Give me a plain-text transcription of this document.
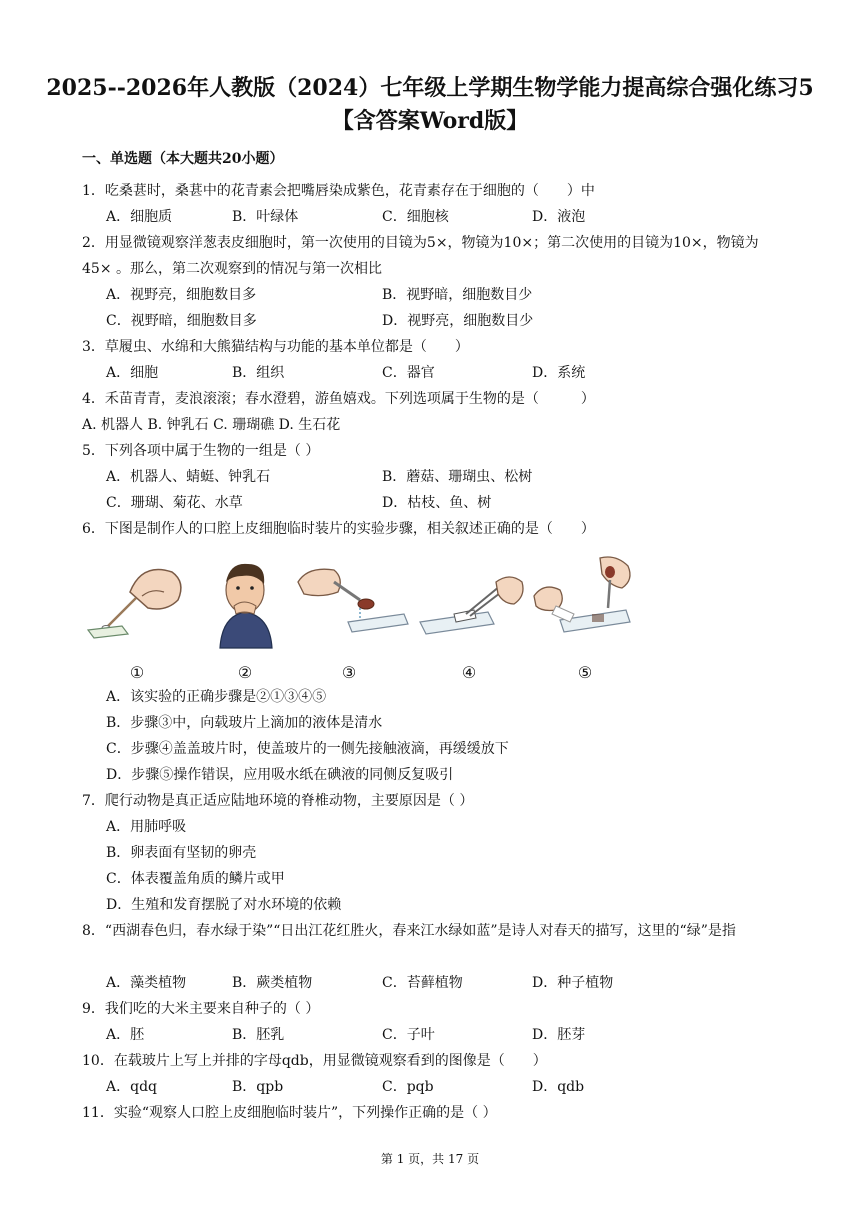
2025--2026年人教版（2024）七年级上学期生物学能力提高综合强化练习5【含答案Word版】
一、单选题（本大题共20小题）
1．吃桑葚时，桑葚中的花青素会把嘴唇染成紫色，花青素存在于细胞的（　　）中
A．细胞质	B．叶绿体	C．细胞核	D．液泡
2．用显微镜观察洋葱表皮细胞时，第一次使用的目镜为5×，物镜为10×；第二次使用的目镜为10×，物镜为45× 。那么，第二次观察到的情况与第一次相比
A．视野亮，细胞数目多	B．视野暗，细胞数目少
C．视野暗，细胞数目多	D．视野亮，细胞数目少
3．草履虫、水绵和大熊猫结构与功能的基本单位都是（　　）
A．细胞	B．组织	C．器官	D．系统
4．禾苗青青，麦浪滚滚；春水澄碧，游鱼嬉戏。下列选项属于生物的是（　　　）
A. 机器人 B. 钟乳石 C. 珊瑚礁 D. 生石花
5．下列各项中属于生物的一组是（ ）
A．机器人、蜻蜓、钟乳石	B．蘑菇、珊瑚虫、松树
C．珊瑚、菊花、水草	D．枯枝、鱼、树
6．下图是制作人的口腔上皮细胞临时装片的实验步骤，相关叙述正确的是（　　）
①	②	③	④	⑤
A．该实验的正确步骤是②①③④⑤
B．步骤③中，向载玻片上滴加的液体是清水
C．步骤④盖盖玻片时，使盖玻片的一侧先接触液滴，再缓缓放下
D．步骤⑤操作错误，应用吸水纸在碘液的同侧反复吸引
7．爬行动物是真正适应陆地环境的脊椎动物，主要原因是（ ）
A．用肺呼吸
B．卵表面有坚韧的卵壳
C．体表覆盖角质的鳞片或甲
D．生殖和发育摆脱了对水环境的依赖
8．“西湖春色归，春水绿于染”“日出江花红胜火，春来江水绿如蓝”是诗人对春天的描写，这里的“绿”是指
A．藻类植物	B．蕨类植物	C．苔藓植物	D．种子植物
9．我们吃的大米主要来自种子的（ ）
A．胚	B．胚乳	C．子叶	D．胚芽
10．在载玻片上写上并排的字母qdb，用显微镜观察看到的图像是（　　）
A．qdq	B．qpb	C．pqb	D．qdb
11．实验“观察人口腔上皮细胞临时装片”，下列操作正确的是（ ）
第 1 页，共 17 页
